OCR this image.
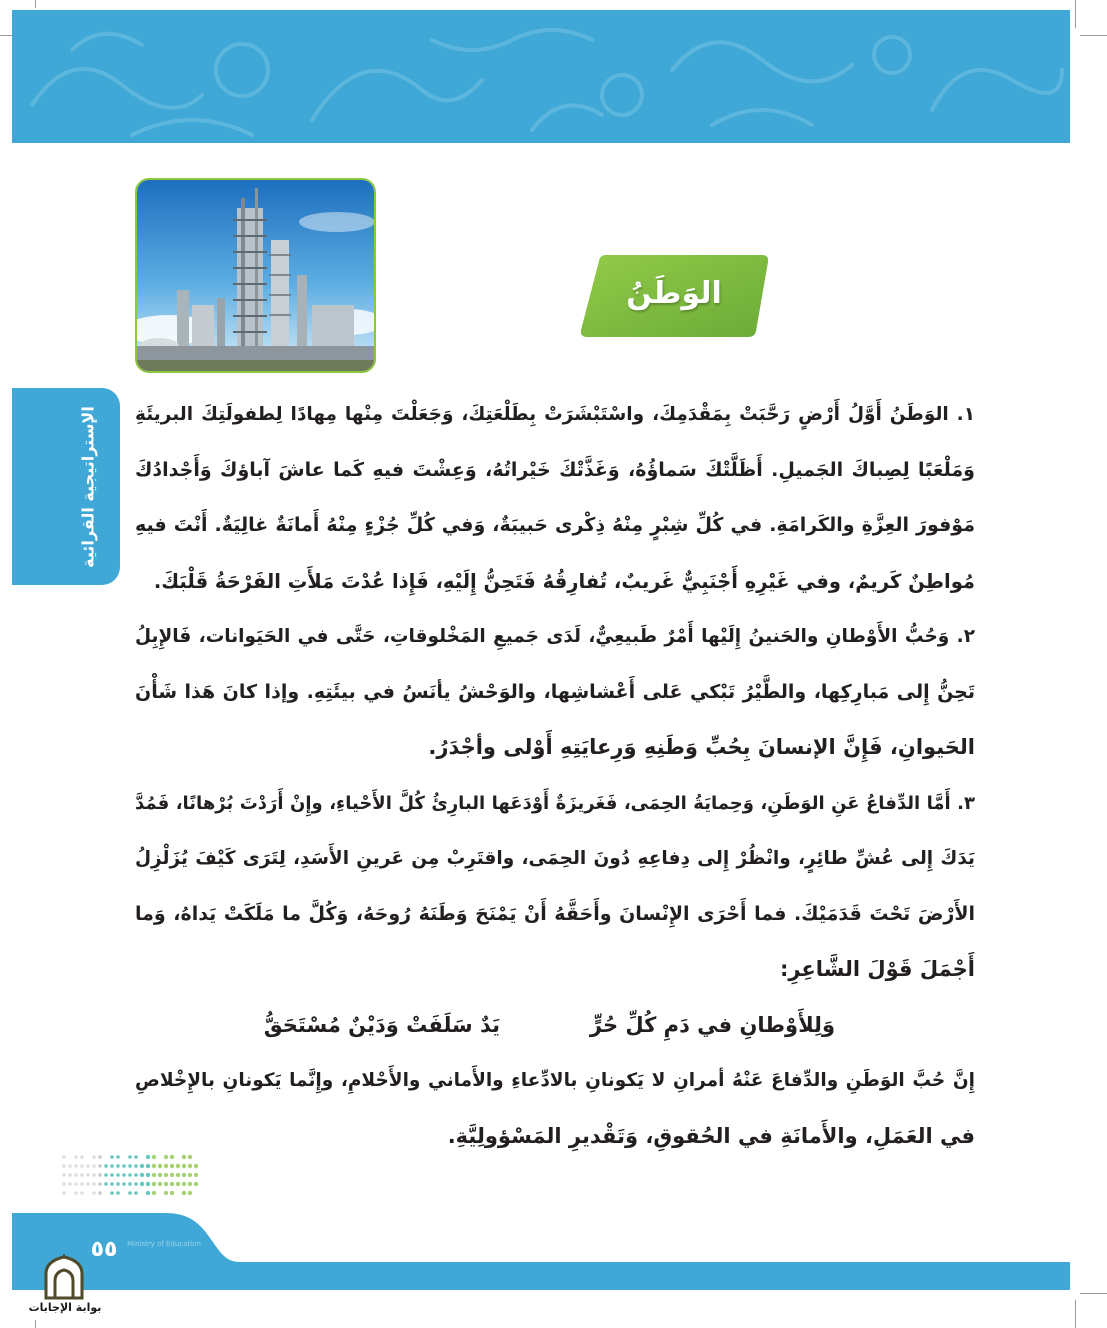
الوَطَنُ
الإستراتيجية القرائية ١. الوَطَنُ أَوَّلُ أَرْضٍ رَحَّبَتْ بِمَقْدَمِكَ، واسْتَبْشَرَتْ بِطَلْعَتِكَ، وَجَعَلْتَ مِنْها مِهادًا لِطفولَتِكَ البريئَةِ
وَمَلْعَبًا لِصِباكَ الجَميلِ. أَظَلَّتْكَ سَماؤُهُ، وَغَذَّتْكَ خَيْراتُهُ، وَعِشْتَ فيهِ كَما عاشَ آباؤكَ وَأَجْدادُكَ
مَوْفورَ العِزَّةِ والكَرامَةِ. في كُلِّ شِبْرٍ مِنْهُ ذِكْرى حَبيبَةٌ، وَفي كُلِّ جُزْءٍ مِنْهُ أَمانَةٌ غالِيَةٌ. أَنْتَ فيهِ
مُواطِنٌ كَريمٌ، وفي غَيْرِهِ أَجْنَبِيٌّ غَريبٌ، تُفارِقُهُ فَتَحِنُّ إِلَيْهِ، فَإِذا عُدْتَ مَلأَتِ الفَرْحَةُ قَلْبَكَ.
٢. وَحُبُّ الأَوْطانِ والحَنينُ إِلَيْها أَمْرٌ طَبيعِيٌّ، لَدَى جَميعِ المَخْلوقاتِ، حَتَّى في الحَيَوانات، فَالإِبِلُ
تَحِنُّ إِلى مَبارِكِها، والطَّيْرُ تَبْكي عَلى أَعْشاشِها، والوَحْشُ يأنَسُ في بيئَتِهِ. وإذا كانَ هَذا شَأْنَ
الحَيوانِ، فَإِنَّ الإنسانَ بِحُبِّ وَطَنِهِ وَرِعايَتِهِ أَوْلى وأجْدَرُ.
٣. أَمَّا الدِّفاعُ عَنِ الوَطَنِ، وَحِمايَةُ الحِمَى، فَغَريزَةٌ أَوْدَعَها البارِئُ كُلَّ الأَحْياءِ، وإِنْ أَرَدْتَ بُرْهانًا، فَمُدَّ
يَدَكَ إِلى عُشِّ طائِرٍ، وانْظُرْ إِلى دِفاعِهِ دُونَ الحِمَى، واقتَرِبْ مِن عَرينِ الأَسَدِ، لِتَرَى كَيْفَ يُزَلْزِلُ
الأَرْضَ تَحْتَ قَدَمَيْكَ. فما أَحْرَى الإِنْسانَ وأَحَقَّهُ أَنْ يَمْنَحَ وَطَنَهُ رُوحَهُ، وَكُلَّ ما مَلَكَتْ يَداهُ، وَما
أَجْمَلَ قَوْلَ الشَّاعِرِ:
وَلِلأَوْطانِ في دَمِ كُلِّ حُرٍّ
يَدٌ سَلَفَتْ وَدَيْنٌ مُسْتَحَقُّ
إِنَّ حُبَّ الوَطَنِ والدِّفاعَ عَنْهُ أمرانِ لا يَكونانِ بالادِّعاءِ والأَماني والأَحْلامِ، وإِنَّما يَكونانِ بالإِخْلاصِ
في العَمَلِ، والأَمانَةِ في الحُقوقِ، وَتَقْديرِ المَسْؤولِيَّةِ.
Ministry of Education
٥٥
بوابة الإجابات
